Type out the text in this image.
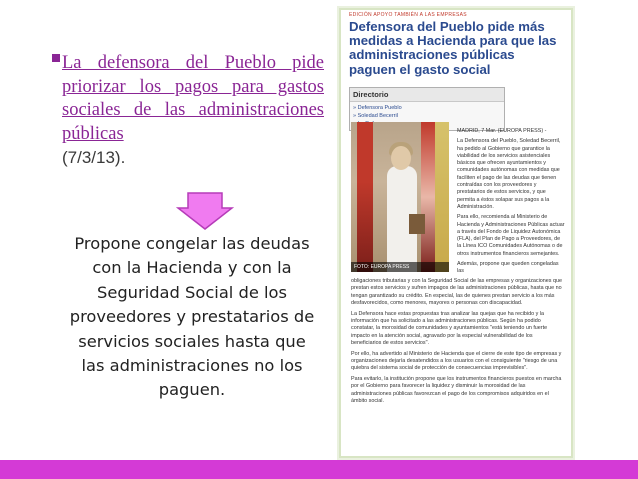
La defensora del Pueblo pide priorizar los pagos para gastos sociales de las administraciones públicas
(7/3/13).
Propone congelar las deudas
con la Hacienda y con la
Seguridad Social de los
proveedores y prestatarios de
servicios sociales hasta que
las administraciones no los
paguen.
EDICIÓN APOYO TAMBIÉN A LAS EMPRESAS
Defensora del Pueblo pide más medidas a Hacienda para que las administraciones públicas paguen el gasto social
Directorio
» Defensora Pueblo
» Soledad Becerril
FOTO: EUROPA PRESS

MADRID, 7 Mar. (EUROPA PRESS) -

La Defensora del Pueblo, Soledad Becerril, ha pedido al Gobierno que garantice la viabilidad de los servicios asistenciales básicos que ofrecen ayuntamientos y comunidades autónomas con medidas que faciliten el pago de las deudas que tienen contraídas con los proveedores y prestatarios de estos servicios, y que permita a éstos solapar sus pagos a la Administración.

Para ello, recomienda al Ministerio de Hacienda y Administraciones Públicas actuar a través del Fondo de Liquidez Autonómica (FLA), del Plan de Pago a Proveedores, de la Línea ICO Comunidades Autónomas o de otros instrumentos financieros semejantes.

Además, propone que queden congeladas las

obligaciones tributarias y con la Seguridad Social de las empresas y organizaciones que prestan estos servicios y sufren impagos de las administraciones públicas, hasta que no tengan garantizado su crédito. En especial, las de quienes prestan servicio a los más desfavorecidos, como menores, mayores o personas con discapacidad.

La Defensora hace estas propuestas tras analizar las quejas que ha recibido y la información que ha solicitado a las administraciones públicas. Según ha podido constatar, la morosidad de comunidades y ayuntamientos "está teniendo un fuerte impacto en la atención social, agravado por la especial vulnerabilidad de los beneficiarios de estos servicios".

Por ello, ha advertido al Ministerio de Hacienda que el cierre de este tipo de empresas y organizaciones dejaría desatendidos a los usuarios con el consiguiente "riesgo de una quiebra del sistema social de protección de consecuencias imprevisibles".

Para evitarlo, la institución propone que los instrumentos financieros puestos en marcha por el Gobierno para favorecer la liquidez y disminuir la morosidad de las administraciones públicas favorezcan el pago de los compromisos adquiridos en el ámbito social.
